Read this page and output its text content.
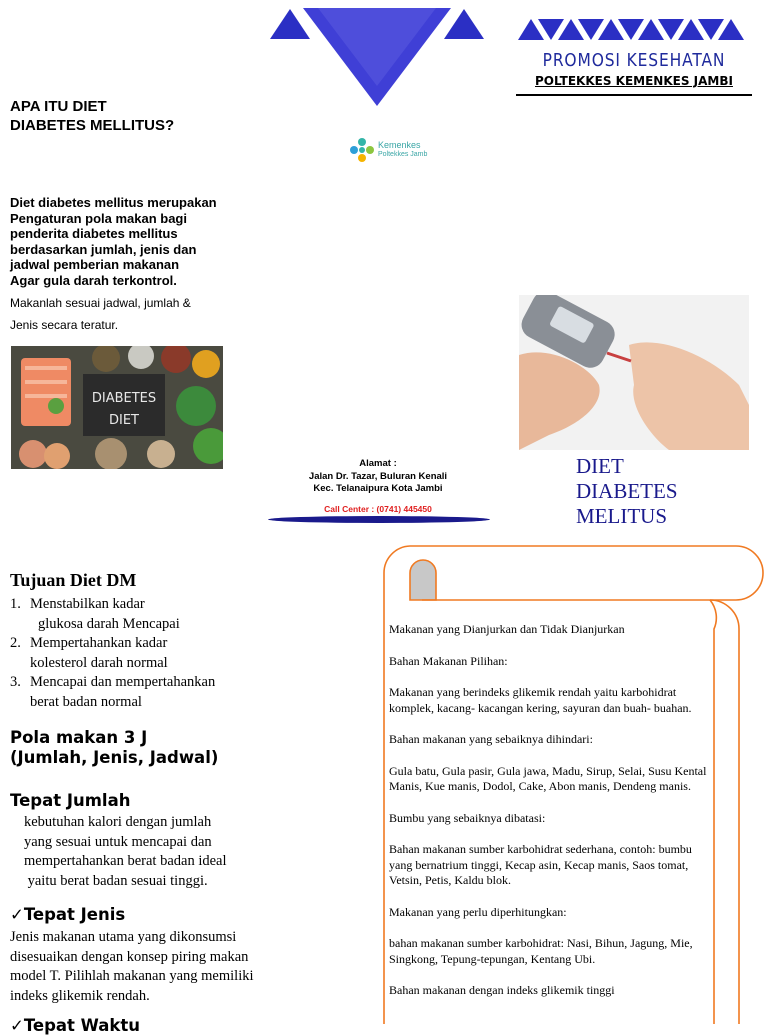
PROMOSI KESEHATAN
POLTEKKES KEMENKES JAMBI
APA ITU DIET
DIABETES MELLITUS?
Kemenkes
Poltekkes Jamb
Diet diabetes mellitus merupakan
Pengaturan pola makan bagi
penderita diabetes mellitus
berdasarkan jumlah, jenis dan
jadwal pemberian makanan
Agar gula darah terkontrol.
Makanlah sesuai jadwal, jumlah &
Jenis secara teratur.
DIABETES
DIET
Alamat :
Jalan Dr. Tazar, Buluran Kenali
Kec. Telanaipura Kota Jambi
Call Center : (0741) 445450
DIET
DIABETES
MELITUS
Tujuan Diet DM
1. Menstabilkan kadar
glukosa darah Mencapai
2. Mempertahankan kadar
kolesterol darah normal
3. Mencapai dan mempertahankan
berat badan normal
Pola makan 3 J
(Jumlah, Jenis, Jadwal)
Tepat Jumlah
kebutuhan kalori dengan jumlah
yang sesuai untuk mencapai dan
mempertahankan berat badan ideal
yaitu berat badan sesuai tinggi.
✓Tepat Jenis
Jenis makanan utama yang dikonsumsi
disesuaikan dengan konsep piring makan
model T. Pilihlah makanan yang memiliki
indeks glikemik rendah.
✓Tepat Waktu

Makanan yang Dianjurkan dan Tidak Dianjurkan

Bahan Makanan Pilihan:

Makanan yang berindeks glikemik rendah yaitu karbohidrat komplek, kacang- kacangan kering, sayuran dan buah- buahan.

Bahan makanan yang sebaiknya dihindari:

Gula batu, Gula pasir, Gula jawa, Madu, Sirup, Selai, Susu Kental Manis, Kue manis, Dodol, Cake, Abon manis, Dendeng manis.

Bumbu yang sebaiknya dibatasi:

Bahan makanan sumber karbohidrat sederhana, contoh: bumbu yang bernatrium tinggi, Kecap asin, Kecap manis, Saos tomat, Vetsin, Petis, Kaldu blok.

Makanan yang perlu diperhitungkan:

bahan makanan sumber karbohidrat: Nasi, Bihun, Jagung, Mie, Singkong, Tepung-tepungan, Kentang Ubi.

Bahan makanan dengan indeks glikemik tinggi
